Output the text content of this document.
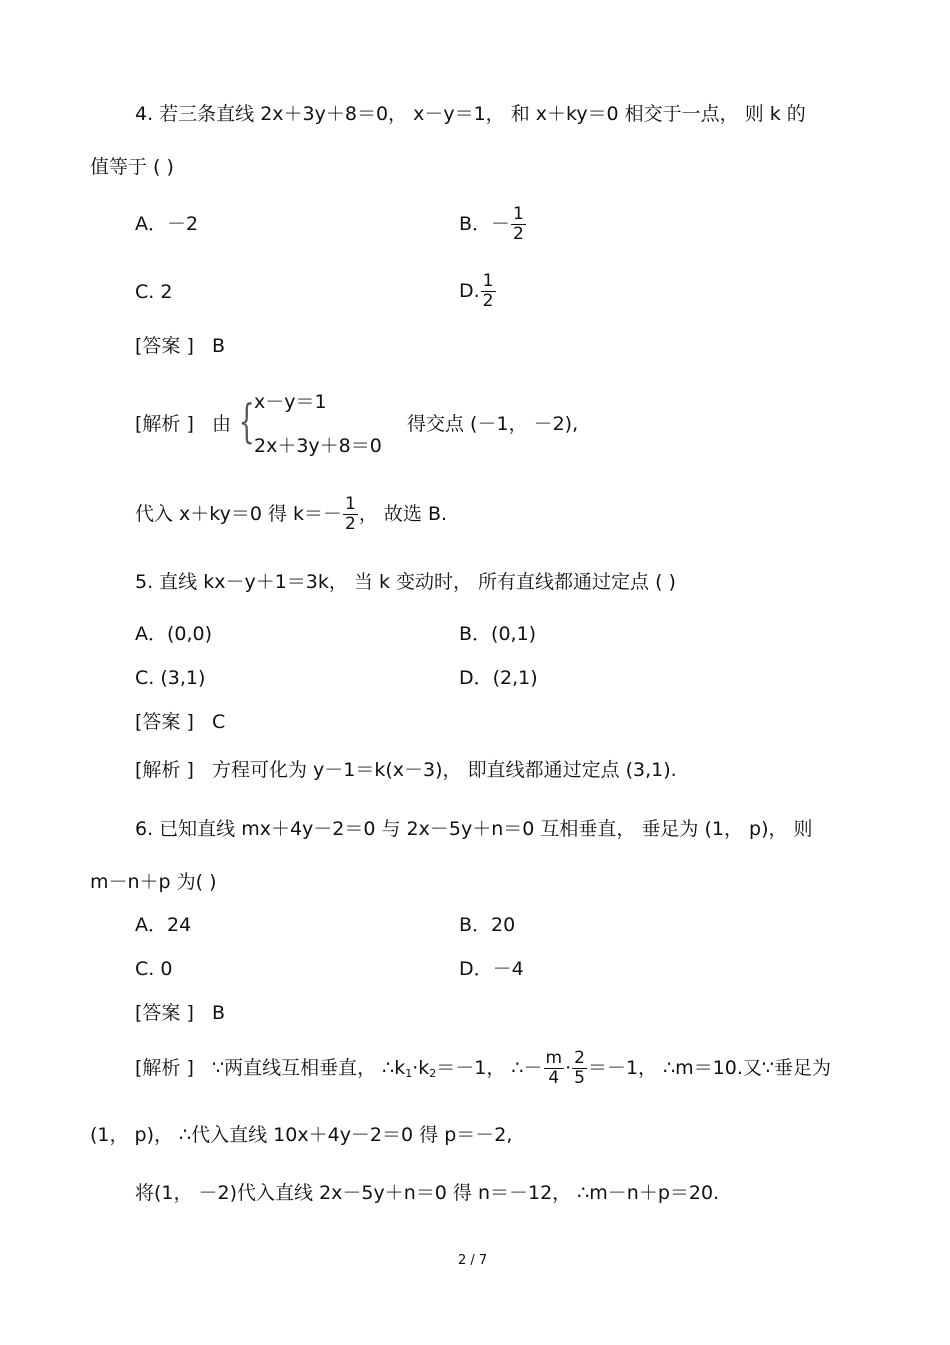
4. 若三条直线 2x＋3y＋8＝0， x－y＝1， 和 x＋ky＝0 相交于一点， 则 k 的
值等于 ( )
A．－2	B．－ $\frac{1}{2}$
C. 2	D. $\frac{1}{2}$
[答案 ] B
[解析 ] 由 { x－y＝1
2x＋3y＋8＝0
得交点 (－1， －2),
代入 x＋ky＝0 得 $k=- \frac{1}{2}$ ， 故选 B.
5. 直线 kx－y＋1＝3k， 当 k 变动时， 所有直线都通过定点 ( )
A．(0,0)	B．(0,1)
C. (3,1)	D．(2,1)
[答案 ] C
[解析 ] 方程可化为 y－1＝k(x－3)， 即直线都通过定点 (3,1).
6. 已知直线 mx＋4y－2＝0 与 2x－5y＋n＝0 互相垂直， 垂足为 (1， p)， 则
m－n＋p 为( )
A．24	B．20
C. 0	D．－4
[答案 ] B
[解析 ] ∵两直线互相垂直， $\therefore k_1\cdot k_2=-1$， ∴－ $\frac{m}{4} \cdot \frac{2}{5} =-1$， ∴m＝10.又∵垂足为
(1， p)， ∴代入直线 10x＋4y－2＝0 得 p＝－2,
将(1， －2)代入直线 2x－5y＋n＝0 得 n＝－12， ∴m－n＋p＝20.
2 / 7
